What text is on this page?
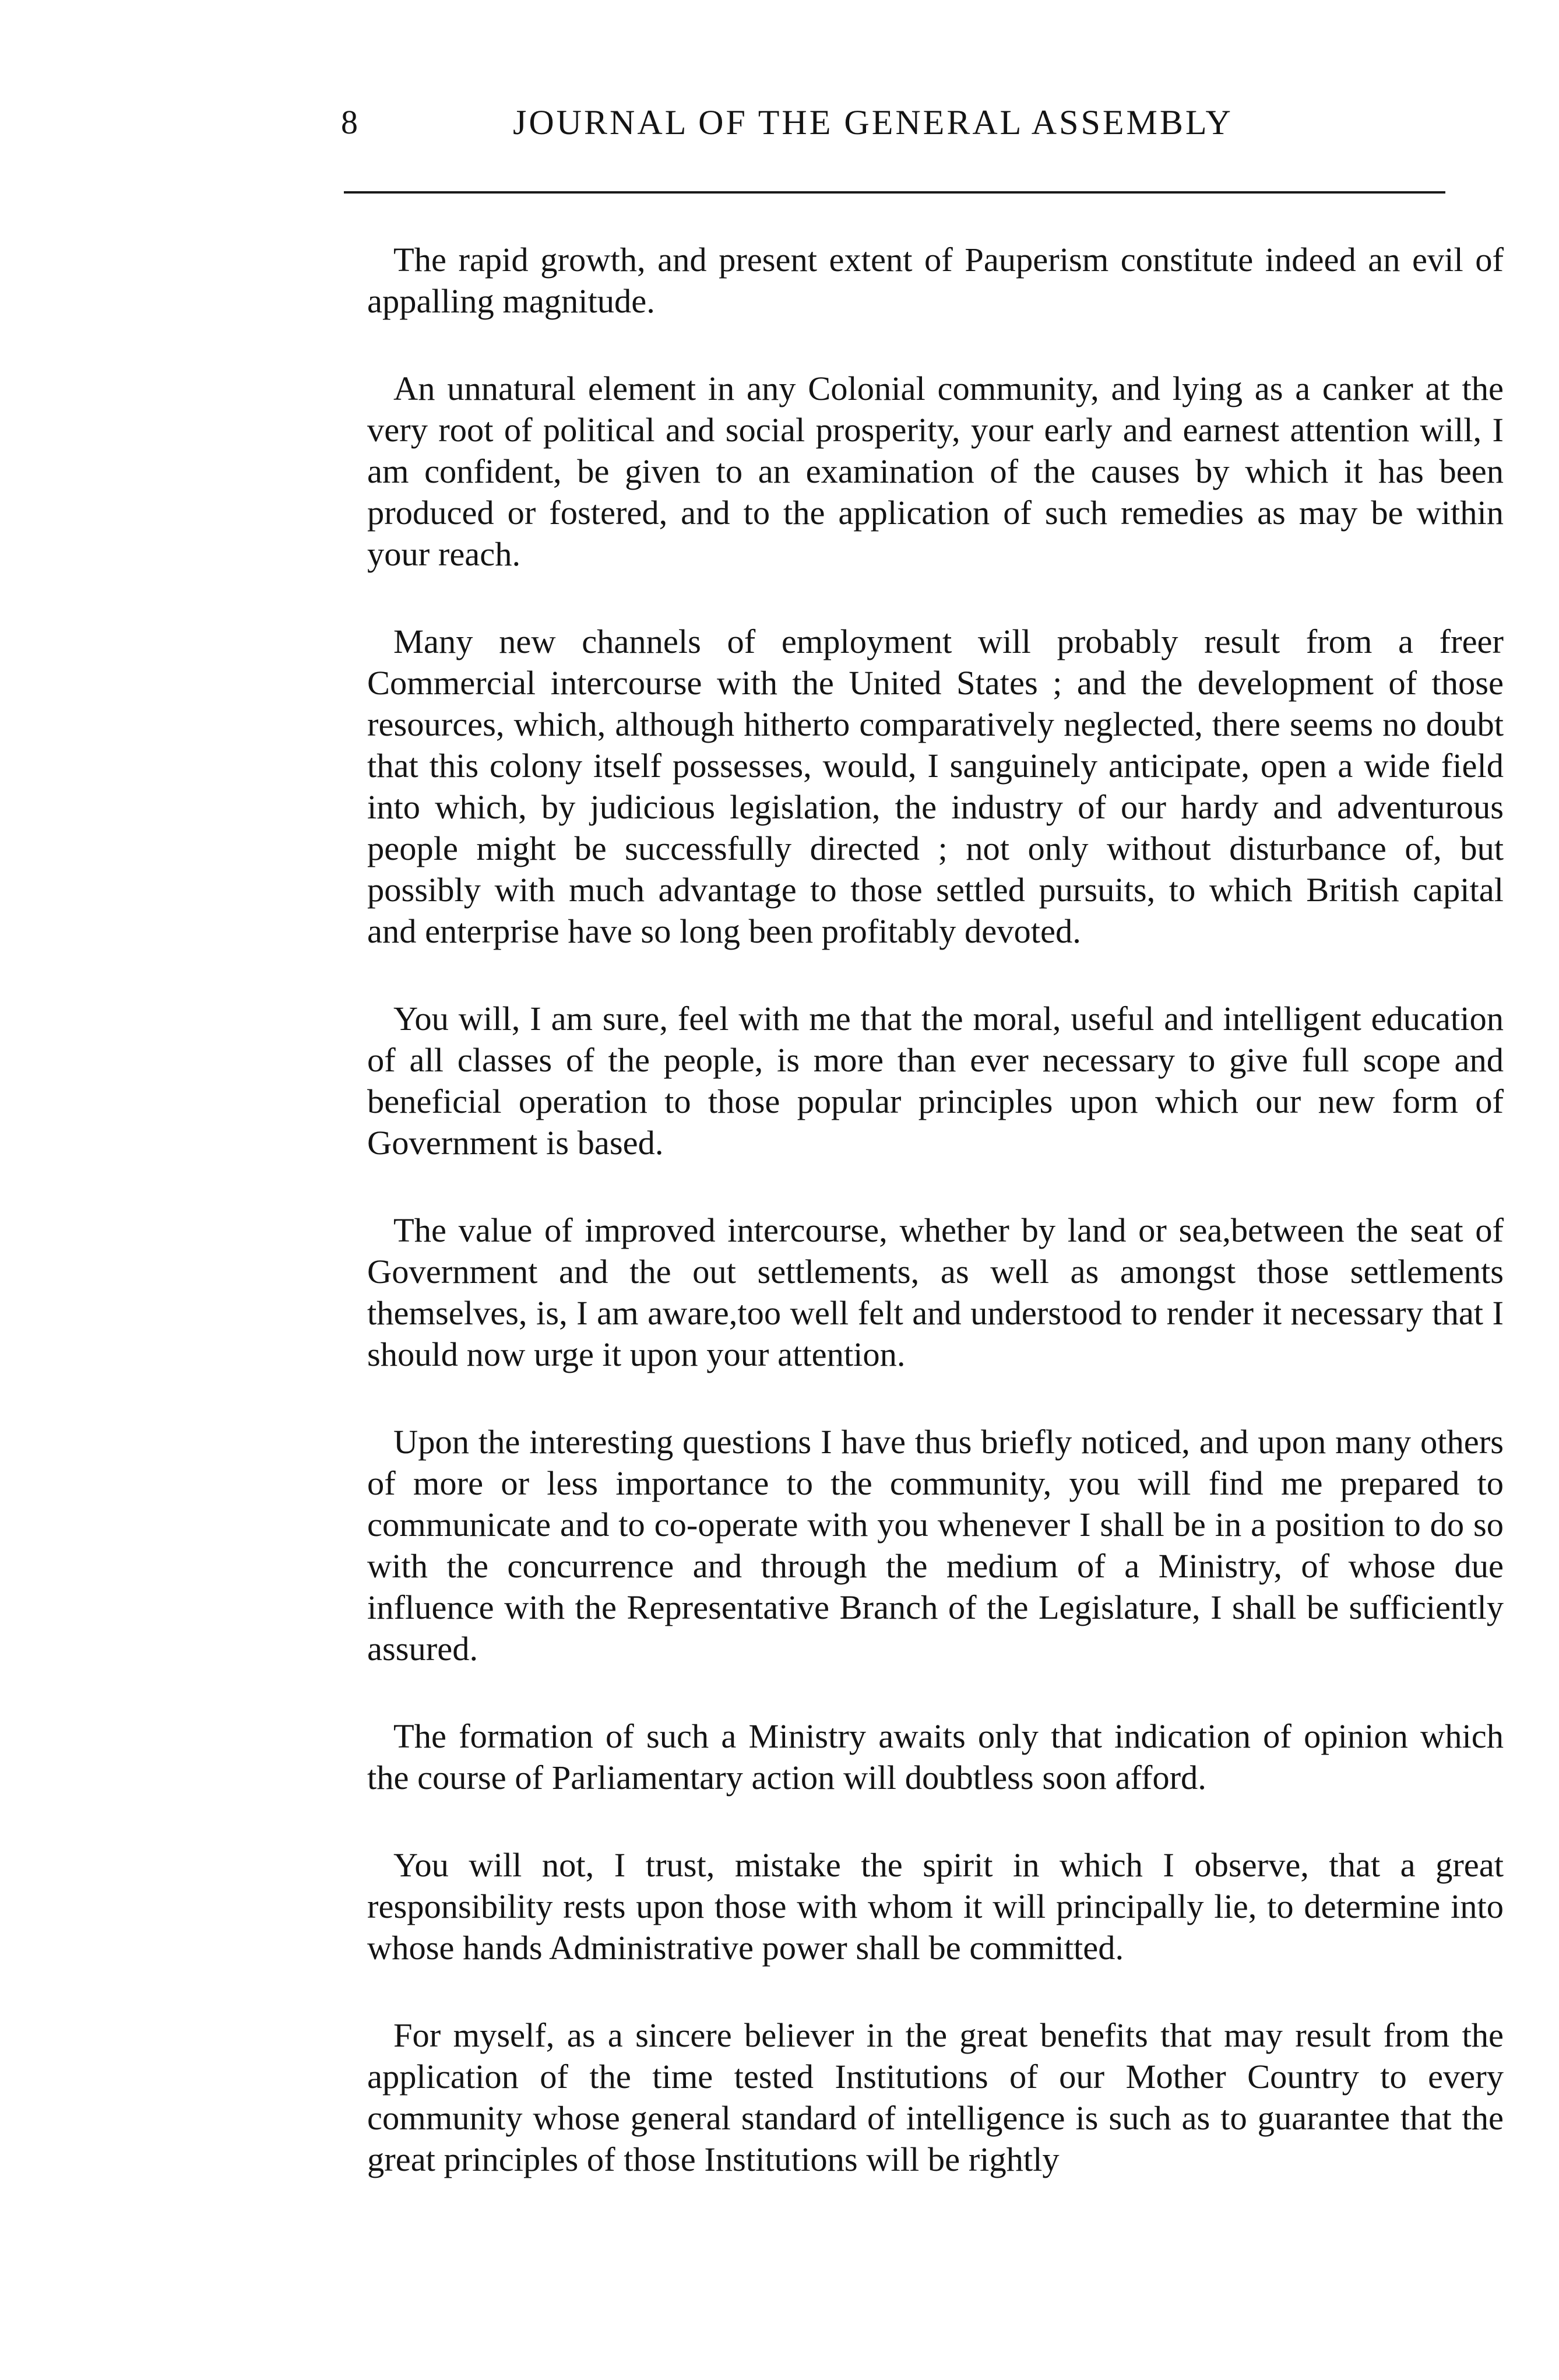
8	JOURNAL OF THE GENERAL ASSEMBLY

The rapid growth, and present extent of Pauperism constitute indeed an evil of appalling magnitude.

An unnatural element in any Colonial community, and lying as a canker at the very root of political and social prosperity, your early and earnest attention will, I am confident, be given to an examination of the causes by which it has been produced or fostered, and to the application of such remedies as may be within your reach.

Many new channels of employment will probably result from a freer Commercial intercourse with the United States ; and the development of those resources, which, although hitherto comparatively neglected, there seems no doubt that this colony itself possesses, would, I sanguinely anticipate, open a wide field into which, by judicious legislation, the industry of our hardy and adventurous people might be successfully directed ; not only without disturbance of, but possibly with much advantage to those settled pursuits, to which British capital and enterprise have so long been profitably devoted.

You will, I am sure, feel with me that the moral, useful and intelligent education of all classes of the people, is more than ever necessary to give full scope and beneficial operation to those popular principles upon which our new form of Government is based.

The value of improved intercourse, whether by land or sea,between the seat of Government and the out settlements, as well as amongst those settlements themselves, is, I am aware,too well felt and understood to render it necessary that I should now urge it upon your attention.

Upon the interesting questions I have thus briefly noticed, and upon many others of more or less importance to the community, you will find me prepared to communicate and to co-operate with you whenever I shall be in a position to do so with the concurrence and through the medium of a Ministry, of whose due influence with the Representative Branch of the Legislature, I shall be sufficiently assured.

The formation of such a Ministry awaits only that indication of opinion which the course of Parliamentary action will doubtless soon afford.

You will not, I trust, mistake the spirit in which I observe, that a great responsibility rests upon those with whom it will principally lie, to determine into whose hands Administrative power shall be committed.

For myself, as a sincere believer in the great benefits that may result from the application of the time tested Institutions of our Mother Country to every community whose general standard of intelligence is such as to guarantee that the great principles of those Institutions will be rightly
